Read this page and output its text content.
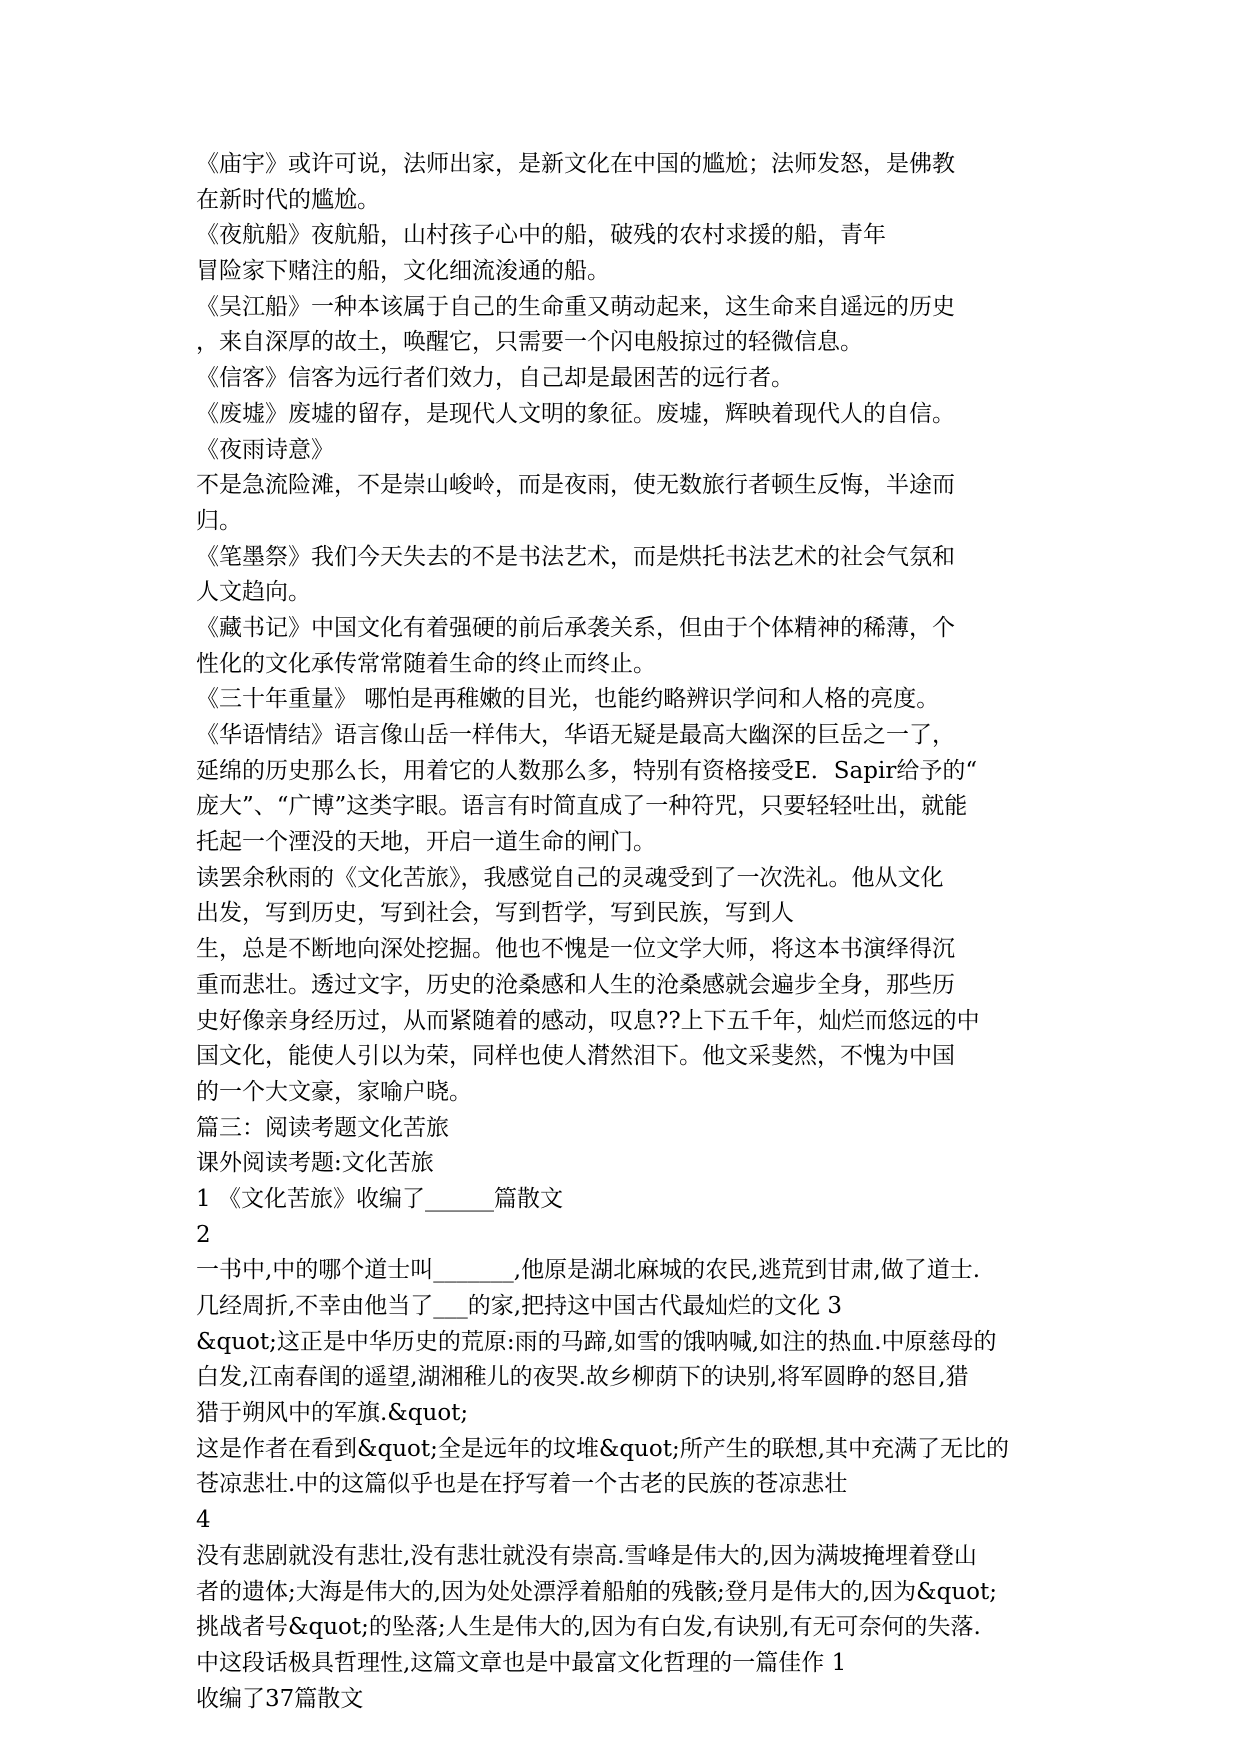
《庙宇》或许可说，法师出家，是新文化在中国的尴尬；法师发怒，是佛教
在新时代的尴尬。
《夜航船》夜航船，山村孩子心中的船，破残的农村求援的船，青年
冒险家下赌注的船，文化细流浚通的船。
《吴江船》一种本该属于自己的生命重又萌动起来，这生命来自遥远的历史
，来自深厚的故土，唤醒它，只需要一个闪电般掠过的轻微信息。
《信客》信客为远行者们效力，自己却是最困苦的远行者。
《废墟》废墟的留存，是现代人文明的象征。废墟，辉映着现代人的自信。
《夜雨诗意》
不是急流险滩，不是崇山峻岭，而是夜雨，使无数旅行者顿生反悔，半途而
归。
《笔墨祭》我们今天失去的不是书法艺术，而是烘托书法艺术的社会气氛和
人文趋向。
《藏书记》中国文化有着强硬的前后承袭关系，但由于个体精神的稀薄，个
性化的文化承传常常随着生命的终止而终止。
《三十年重量》 哪怕是再稚嫩的目光，也能约略辨识学问和人格的亮度。
《华语情结》语言像山岳一样伟大，华语无疑是最高大幽深的巨岳之一了，
延绵的历史那么长，用着它的人数那么多，特别有资格接受E．Sapir给予的“
庞大”、“广博”这类字眼。语言有时简直成了一种符咒，只要轻轻吐出，就能
托起一个湮没的天地，开启一道生命的闸门。
读罢余秋雨的《文化苦旅》，我感觉自己的灵魂受到了一次洗礼。他从文化
出发，写到历史，写到社会，写到哲学，写到民族，写到人
生，总是不断地向深处挖掘。他也不愧是一位文学大师，将这本书演绎得沉
重而悲壮。透过文字，历史的沧桑感和人生的沧桑感就会遍步全身，那些历
史好像亲身经历过，从而紧随着的感动，叹息??上下五千年，灿烂而悠远的中
国文化，能使人引以为荣，同样也使人潸然泪下。他文采斐然，不愧为中国
的一个大文豪，家喻户晓。
篇三：阅读考题文化苦旅
课外阅读考题:文化苦旅
1 《文化苦旅》收编了______篇散文
2
一书中,中的哪个道士叫_______,他原是湖北麻城的农民,逃荒到甘肃,做了道士.
几经周折,不幸由他当了___的家,把持这中国古代最灿烂的文化 3
&quot;这正是中华历史的荒原:雨的马蹄,如雪的饿呐喊,如注的热血.中原慈母的
白发,江南春闺的遥望,湖湘稚儿的夜哭.故乡柳荫下的诀别,将军圆睁的怒目,猎
猎于朔风中的军旗.&quot;
这是作者在看到&quot;全是远年的坟堆&quot;所产生的联想,其中充满了无比的
苍凉悲壮.中的这篇似乎也是在抒写着一个古老的民族的苍凉悲壮
4
没有悲剧就没有悲壮,没有悲壮就没有崇高.雪峰是伟大的,因为满坡掩埋着登山
者的遗体;大海是伟大的,因为处处漂浮着船舶的残骸;登月是伟大的,因为&quot;
挑战者号&quot;的坠落;人生是伟大的,因为有白发,有诀别,有无可奈何的失落.
中这段话极具哲理性,这篇文章也是中最富文化哲理的一篇佳作 1
收编了37篇散文
